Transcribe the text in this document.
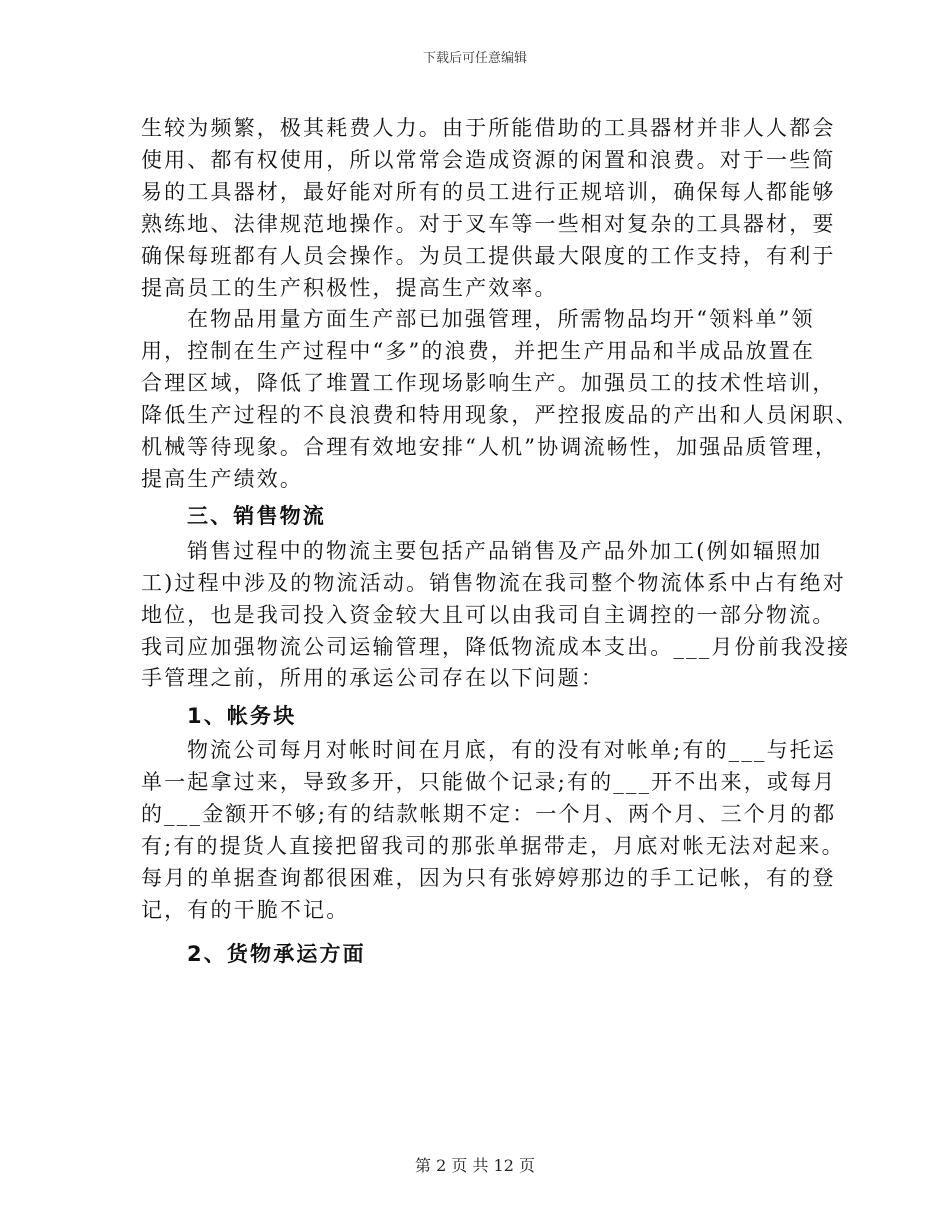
下载后可任意编辑

生较为频繁，极其耗费人力。由于所能借助的工具器材并非人人都会
使用、都有权使用，所以常常会造成资源的闲置和浪费。对于一些简
易的工具器材，最好能对所有的员工进行正规培训，确保每人都能够
熟练地、法律规范地操作。对于叉车等一些相对复杂的工具器材，要
确保每班都有人员会操作。为员工提供最大限度的工作支持，有利于
提高员工的生产积极性，提高生产效率。

在物品用量方面生产部已加强管理，所需物品均开“领料单”领
用，控制在生产过程中“多”的浪费，并把生产用品和半成品放置在
合理区域，降低了堆置工作现场影响生产。加强员工的技术性培训，
降低生产过程的不良浪费和特用现象，严控报废品的产出和人员闲职、
机械等待现象。合理有效地安排“人机”协调流畅性，加强品质管理，
提高生产绩效。

三、销售物流

销售过程中的物流主要包括产品销售及产品外加工(例如辐照加
工)过程中涉及的物流活动。销售物流在我司整个物流体系中占有绝对
地位，也是我司投入资金较大且可以由我司自主调控的一部分物流。
我司应加强物流公司运输管理，降低物流成本支出。___月份前我没接
手管理之前，所用的承运公司存在以下问题：

1、帐务块

物流公司每月对帐时间在月底，有的没有对帐单;有的___与托运
单一起拿过来，导致多开，只能做个记录;有的___开不出来，或每月
的___金额开不够;有的结款帐期不定：一个月、两个月、三个月的都
有;有的提货人直接把留我司的那张单据带走，月底对帐无法对起来。
每月的单据查询都很困难，因为只有张婷婷那边的手工记帐，有的登
记，有的干脆不记。

2、货物承运方面
第 2 页 共 12 页
